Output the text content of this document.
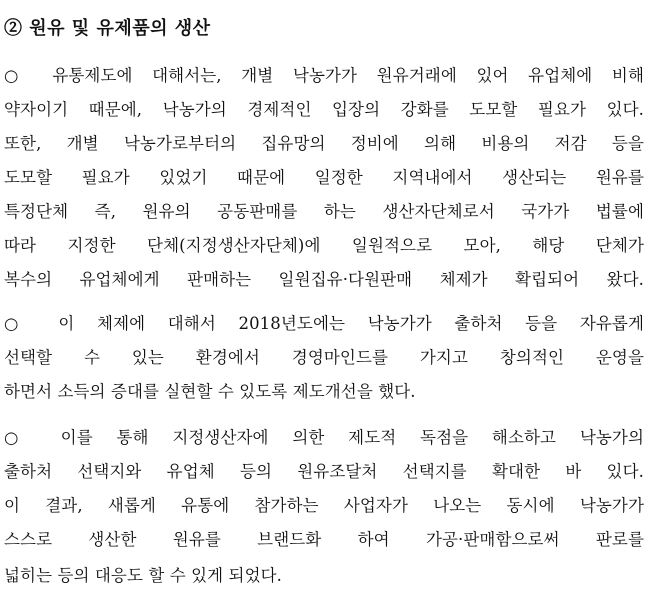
② 원유 및 유제품의 생산
○ 유통제도에 대해서는, 개별 낙농가가 원유거래에 있어 유업체에 비해
약자이기 때문에, 낙농가의 경제적인 입장의 강화를 도모할 필요가 있다.
또한, 개별 낙농가로부터의 집유망의 정비에 의해 비용의 저감 등을
도모할 필요가 있었기 때문에 일정한 지역내에서 생산되는 원유를
특정단체 즉, 원유의 공동판매를 하는 생산자단체로서 국가가 법률에
따라 지정한 단체(지정생산자단체)에 일원적으로 모아, 해당 단체가
복수의 유업체에게 판매하는 일원집유·다원판매 체제가 확립되어 왔다.
○ 이 체제에 대해서 2018년도에는 낙농가가 출하처 등을 자유롭게
선택할 수 있는 환경에서 경영마인드를 가지고 창의적인 운영을
하면서 소득의 증대를 실현할 수 있도록 제도개선을 했다.
○ 이를 통해 지정생산자에 의한 제도적 독점을 해소하고 낙농가의
출하처 선택지와 유업체 등의 원유조달처 선택지를 확대한 바 있다.
이 결과, 새롭게 유통에 참가하는 사업자가 나오는 동시에 낙농가가
스스로 생산한 원유를 브랜드화 하여 가공·판매함으로써 판로를
넓히는 등의 대응도 할 수 있게 되었다.
